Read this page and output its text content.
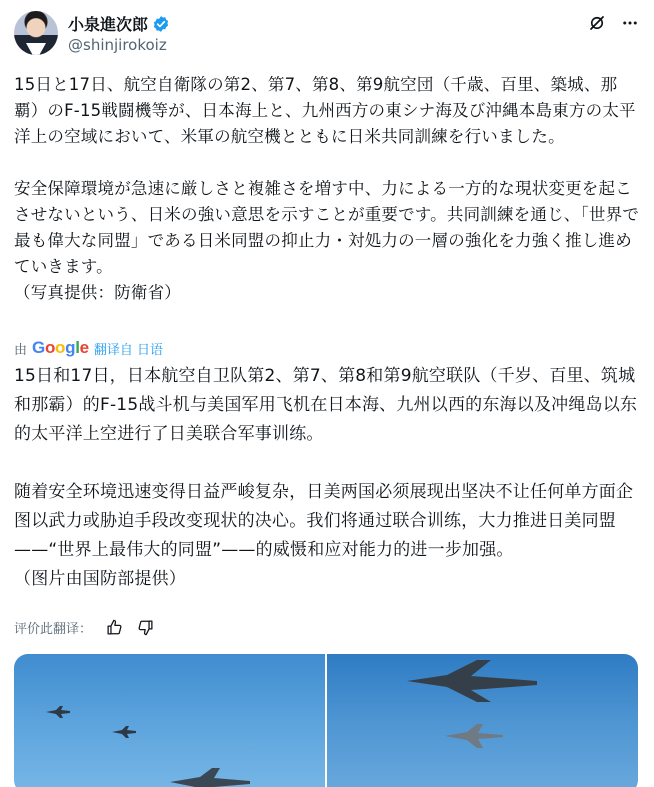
小泉進次郎
@shinjirokoiz
15日と17日、航空自衛隊の第2、第7、第8、第9航空団（千歳、百里、築城、那覇）のF-15戦闘機等が、日本海上と、九州西方の東シナ海及び沖縄本島東方の太平洋上の空域において、米軍の航空機とともに日米共同訓練を行いました。

安全保障環境が急速に厳しさと複雑さを増す中、力による一方的な現状変更を起こさせないという、日米の強い意思を示すことが重要です。共同訓練を通じ、「世界で最も偉大な同盟」である日米同盟の抑止力・対処力の一層の強化を力強く推し進めていきます。
（写真提供：防衛省）
由 Google 翻译自 日语
15日和17日，日本航空自卫队第2、第7、第8和第9航空联队（千岁、百里、筑城和那霸）的F-15战斗机与美国军用飞机在日本海、九州以西的东海以及冲绳岛以东的太平洋上空进行了日美联合军事训练。

随着安全环境迅速变得日益严峻复杂，日美两国必须展现出坚决不让任何单方面企图以武力或胁迫手段改变现状的决心。我们将通过联合训练，大力推进日美同盟——“世界上最伟大的同盟”——的威慑和应对能力的进一步加强。
（图片由国防部提供）
评价此翻译：
